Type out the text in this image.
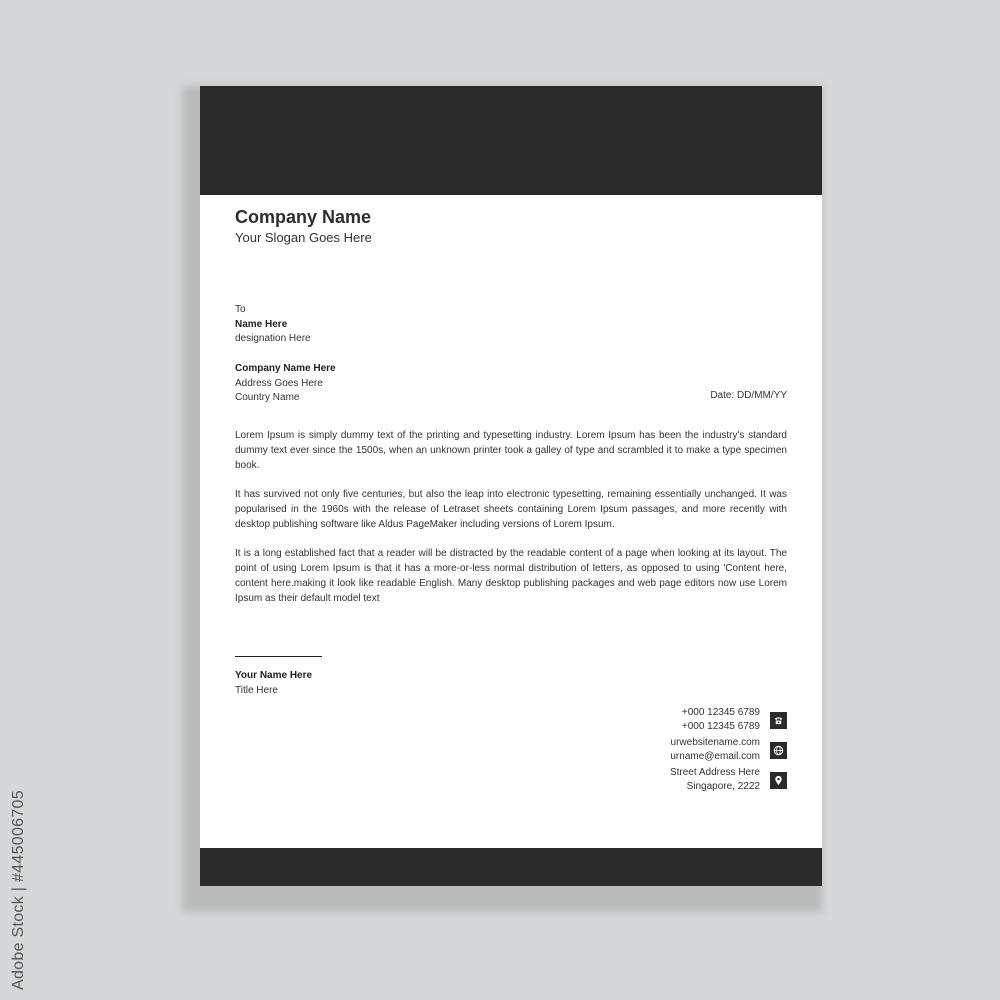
Company Name
Your Slogan Goes Here
To
Name Here
designation Here
Company Name Here
Address Goes Here
Country Name	Date: DD/MM/YY

Lorem Ipsum is simply dummy text of the printing and typesetting industry. Lorem Ipsum has been the industry's standard dummy text ever since the 1500s, when an unknown printer took a galley of type and scrambled it to make a type specimen book.

It has survived not only five centuries, but also the leap into electronic typesetting, remaining essentially unchanged. It was popularised in the 1960s with the release of Letraset sheets containing Lorem Ipsum passages, and more recently with desktop publishing software like Aldus PageMaker including versions of Lorem Ipsum.

It is a long established fact that a reader will be distracted by the readable content of a page when looking at its layout. The point of using Lorem Ipsum is that it has a more-or-less normal distribution of letters, as opposed to using 'Content here, content here.making it look like readable English. Many desktop publishing packages and web page editors now use Lorem Ipsum as their default model text

Your Name Here
Title Here
+000 12345 6789
+000 12345 6789
urwebsitename.com
urname@email.com
Street Address Here
Singapore, 2222
Adobe Stock | #445006705
